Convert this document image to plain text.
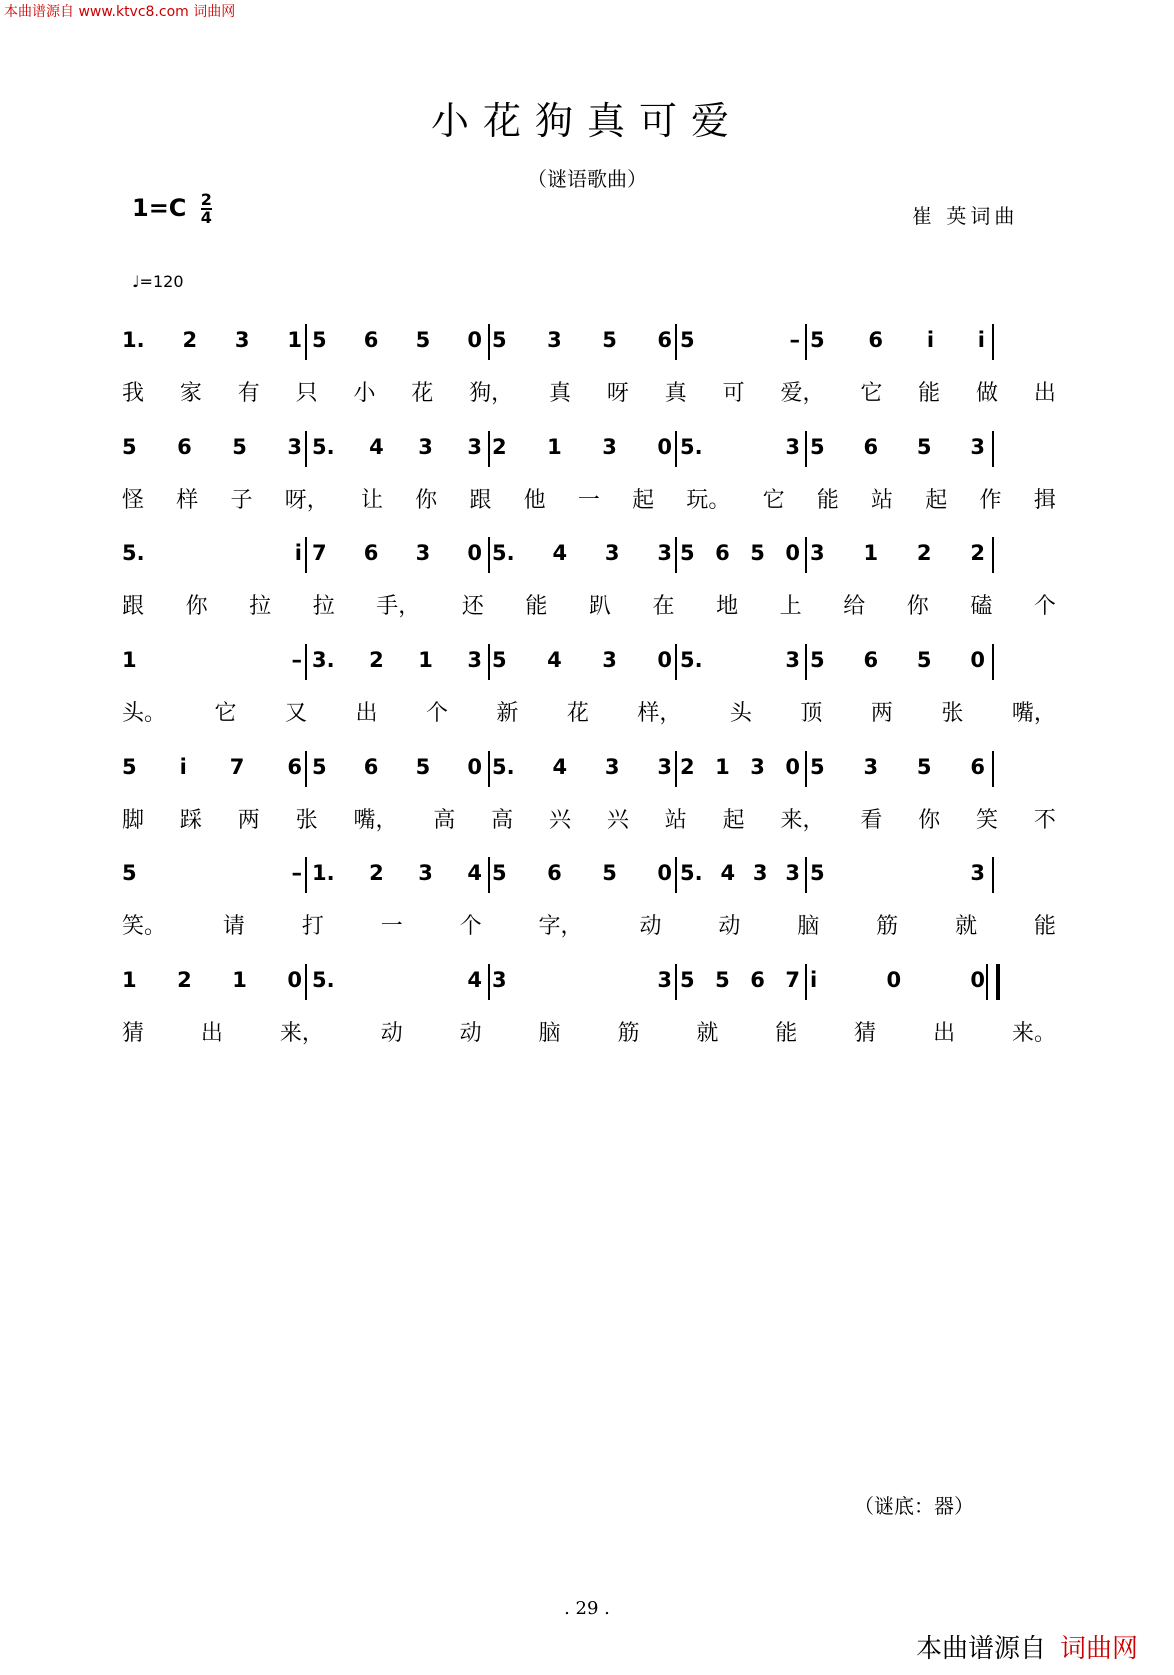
本曲谱源自 www.ktvc8.com 词曲网
小花狗真可爱
（谜语歌曲）
$1=C \frac{2}{4}$	崔 英词曲
♩=120
1. 2 3 1 5 6 5 0 5 3 5 6 5	– 5 6 i i
我 家 有 只 小 花 狗， 真 呀 真 可 爱， 它 能 做 出
5 6 5 3 5. 4 3 3 2 1 3 0 5.	3 5 6 5 3
怪 样 子 呀， 让 你 跟 他 一 起 玩。 它 能 站 起 作 揖
5.	i 7 6 3 0 5. 4 3 3 5 6 5 0 3 1 2 2
跟 你 拉 拉 手， 还 能 趴 在 地 上 给 你 磕 个
1	– 3. 2 1 3 5 4 3 0 5.	3 5 6 5 0
头。 它 又 出 个 新 花 样， 头 顶 两 张 嘴，
5 i 7 6 5 6 5 0 5. 4 3 3 2 1 3 0 5 3 5 6
脚 踩 两 张 嘴， 高 高 兴 兴 站 起 来， 看 你 笑 不
5	– 1. 2 3 4 5 6 5 0 5. 4 3 3 5	3
笑。	请	打	一	个	字，	动	动	脑	筋	就	能
1 2 1 0 5.	4 3	3 5 5 6 7 i	0	0
猜	出	来，	动	动	脑	筋	就	能	猜	出	来。
（谜底：器）
. 29 .
本曲谱源自 词曲网
